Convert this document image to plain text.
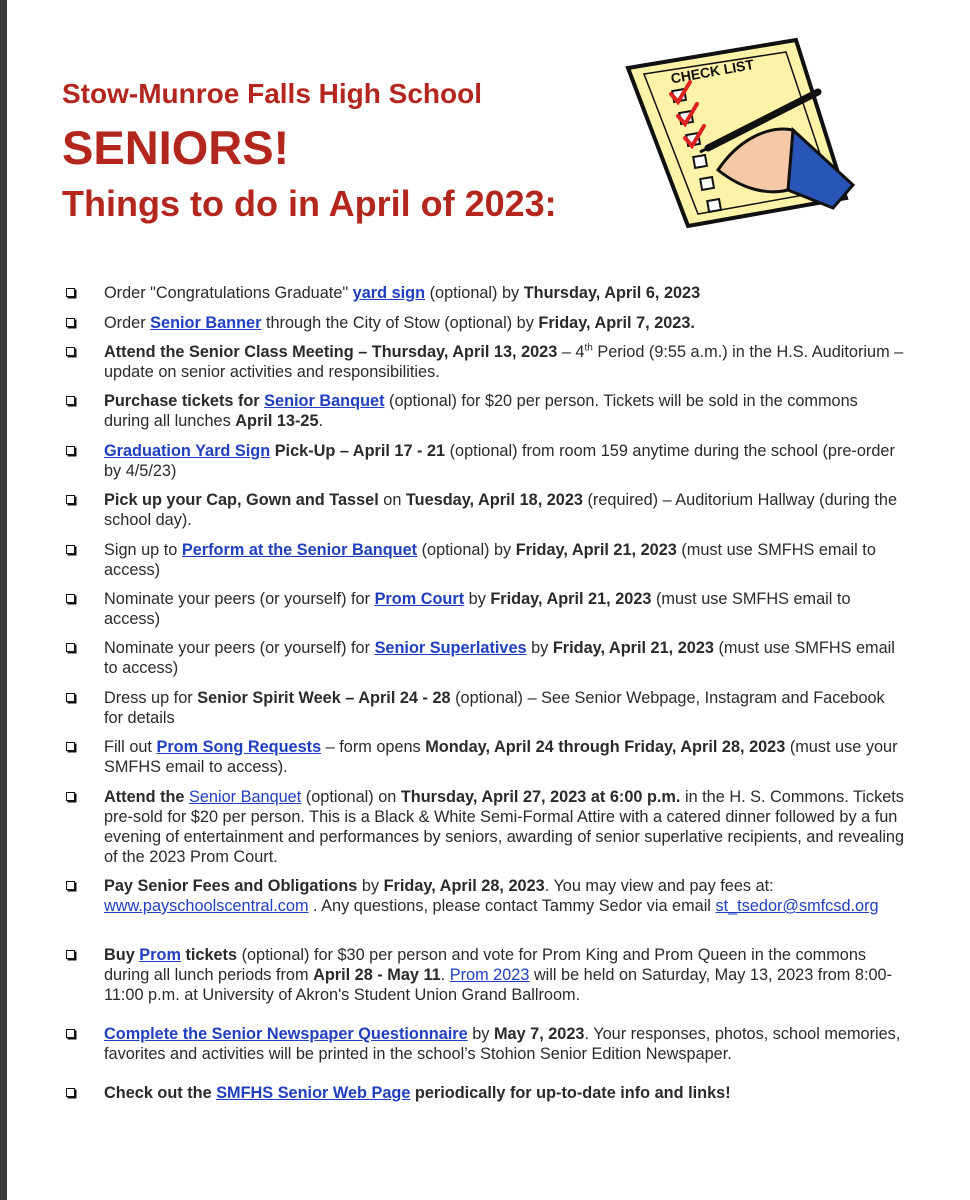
Stow-Munroe Falls High School
SENIORS!
Things to do in April of 2023:
CHECK LIST
Order "Congratulations Graduate" yard sign (optional) by Thursday, April 6, 2023
Order Senior Banner through the City of Stow (optional) by Friday, April 7, 2023.
Attend the Senior Class Meeting – Thursday, April 13, 2023 – 4th Period (9:55 a.m.) in the H.S. Auditorium – update on senior activities and responsibilities.
Purchase tickets for Senior Banquet (optional) for $20 per person. Tickets will be sold in the commons during all lunches April 13-25.
Graduation Yard Sign Pick-Up – April 17 - 21 (optional) from room 159 anytime during the school (pre-order by 4/5/23)
Pick up your Cap, Gown and Tassel on Tuesday, April 18, 2023 (required) – Auditorium Hallway (during the school day).
Sign up to Perform at the Senior Banquet (optional) by Friday, April 21, 2023 (must use SMFHS email to access)
Nominate your peers (or yourself) for Prom Court by Friday, April 21, 2023 (must use SMFHS email to access)
Nominate your peers (or yourself) for Senior Superlatives by Friday, April 21, 2023 (must use SMFHS email to access)
Dress up for Senior Spirit Week – April 24 - 28 (optional) – See Senior Webpage, Instagram and Facebook for details
Fill out Prom Song Requests – form opens Monday, April 24 through Friday, April 28, 2023 (must use your SMFHS email to access).
Attend the Senior Banquet (optional) on Thursday, April 27, 2023 at 6:00 p.m. in the H. S. Commons. Tickets pre-sold for $20 per person. This is a Black & White Semi-Formal Attire with a catered dinner followed by a fun evening of entertainment and performances by seniors, awarding of senior superlative recipients, and revealing of the 2023 Prom Court.
Pay Senior Fees and Obligations by Friday, April 28, 2023. You may view and pay fees at: www.payschoolscentral.com . Any questions, please contact Tammy Sedor via email st_tsedor@smfcsd.org
Buy Prom tickets (optional) for $30 per person and vote for Prom King and Prom Queen in the commons during all lunch periods from April 28 - May 11. Prom 2023 will be held on Saturday, May 13, 2023 from 8:00-11:00 p.m. at University of Akron's Student Union Grand Ballroom.
Complete the Senior Newspaper Questionnaire by May 7, 2023. Your responses, photos, school memories, favorites and activities will be printed in the school’s Stohion Senior Edition Newspaper.
Check out the SMFHS Senior Web Page periodically for up-to-date info and links!
